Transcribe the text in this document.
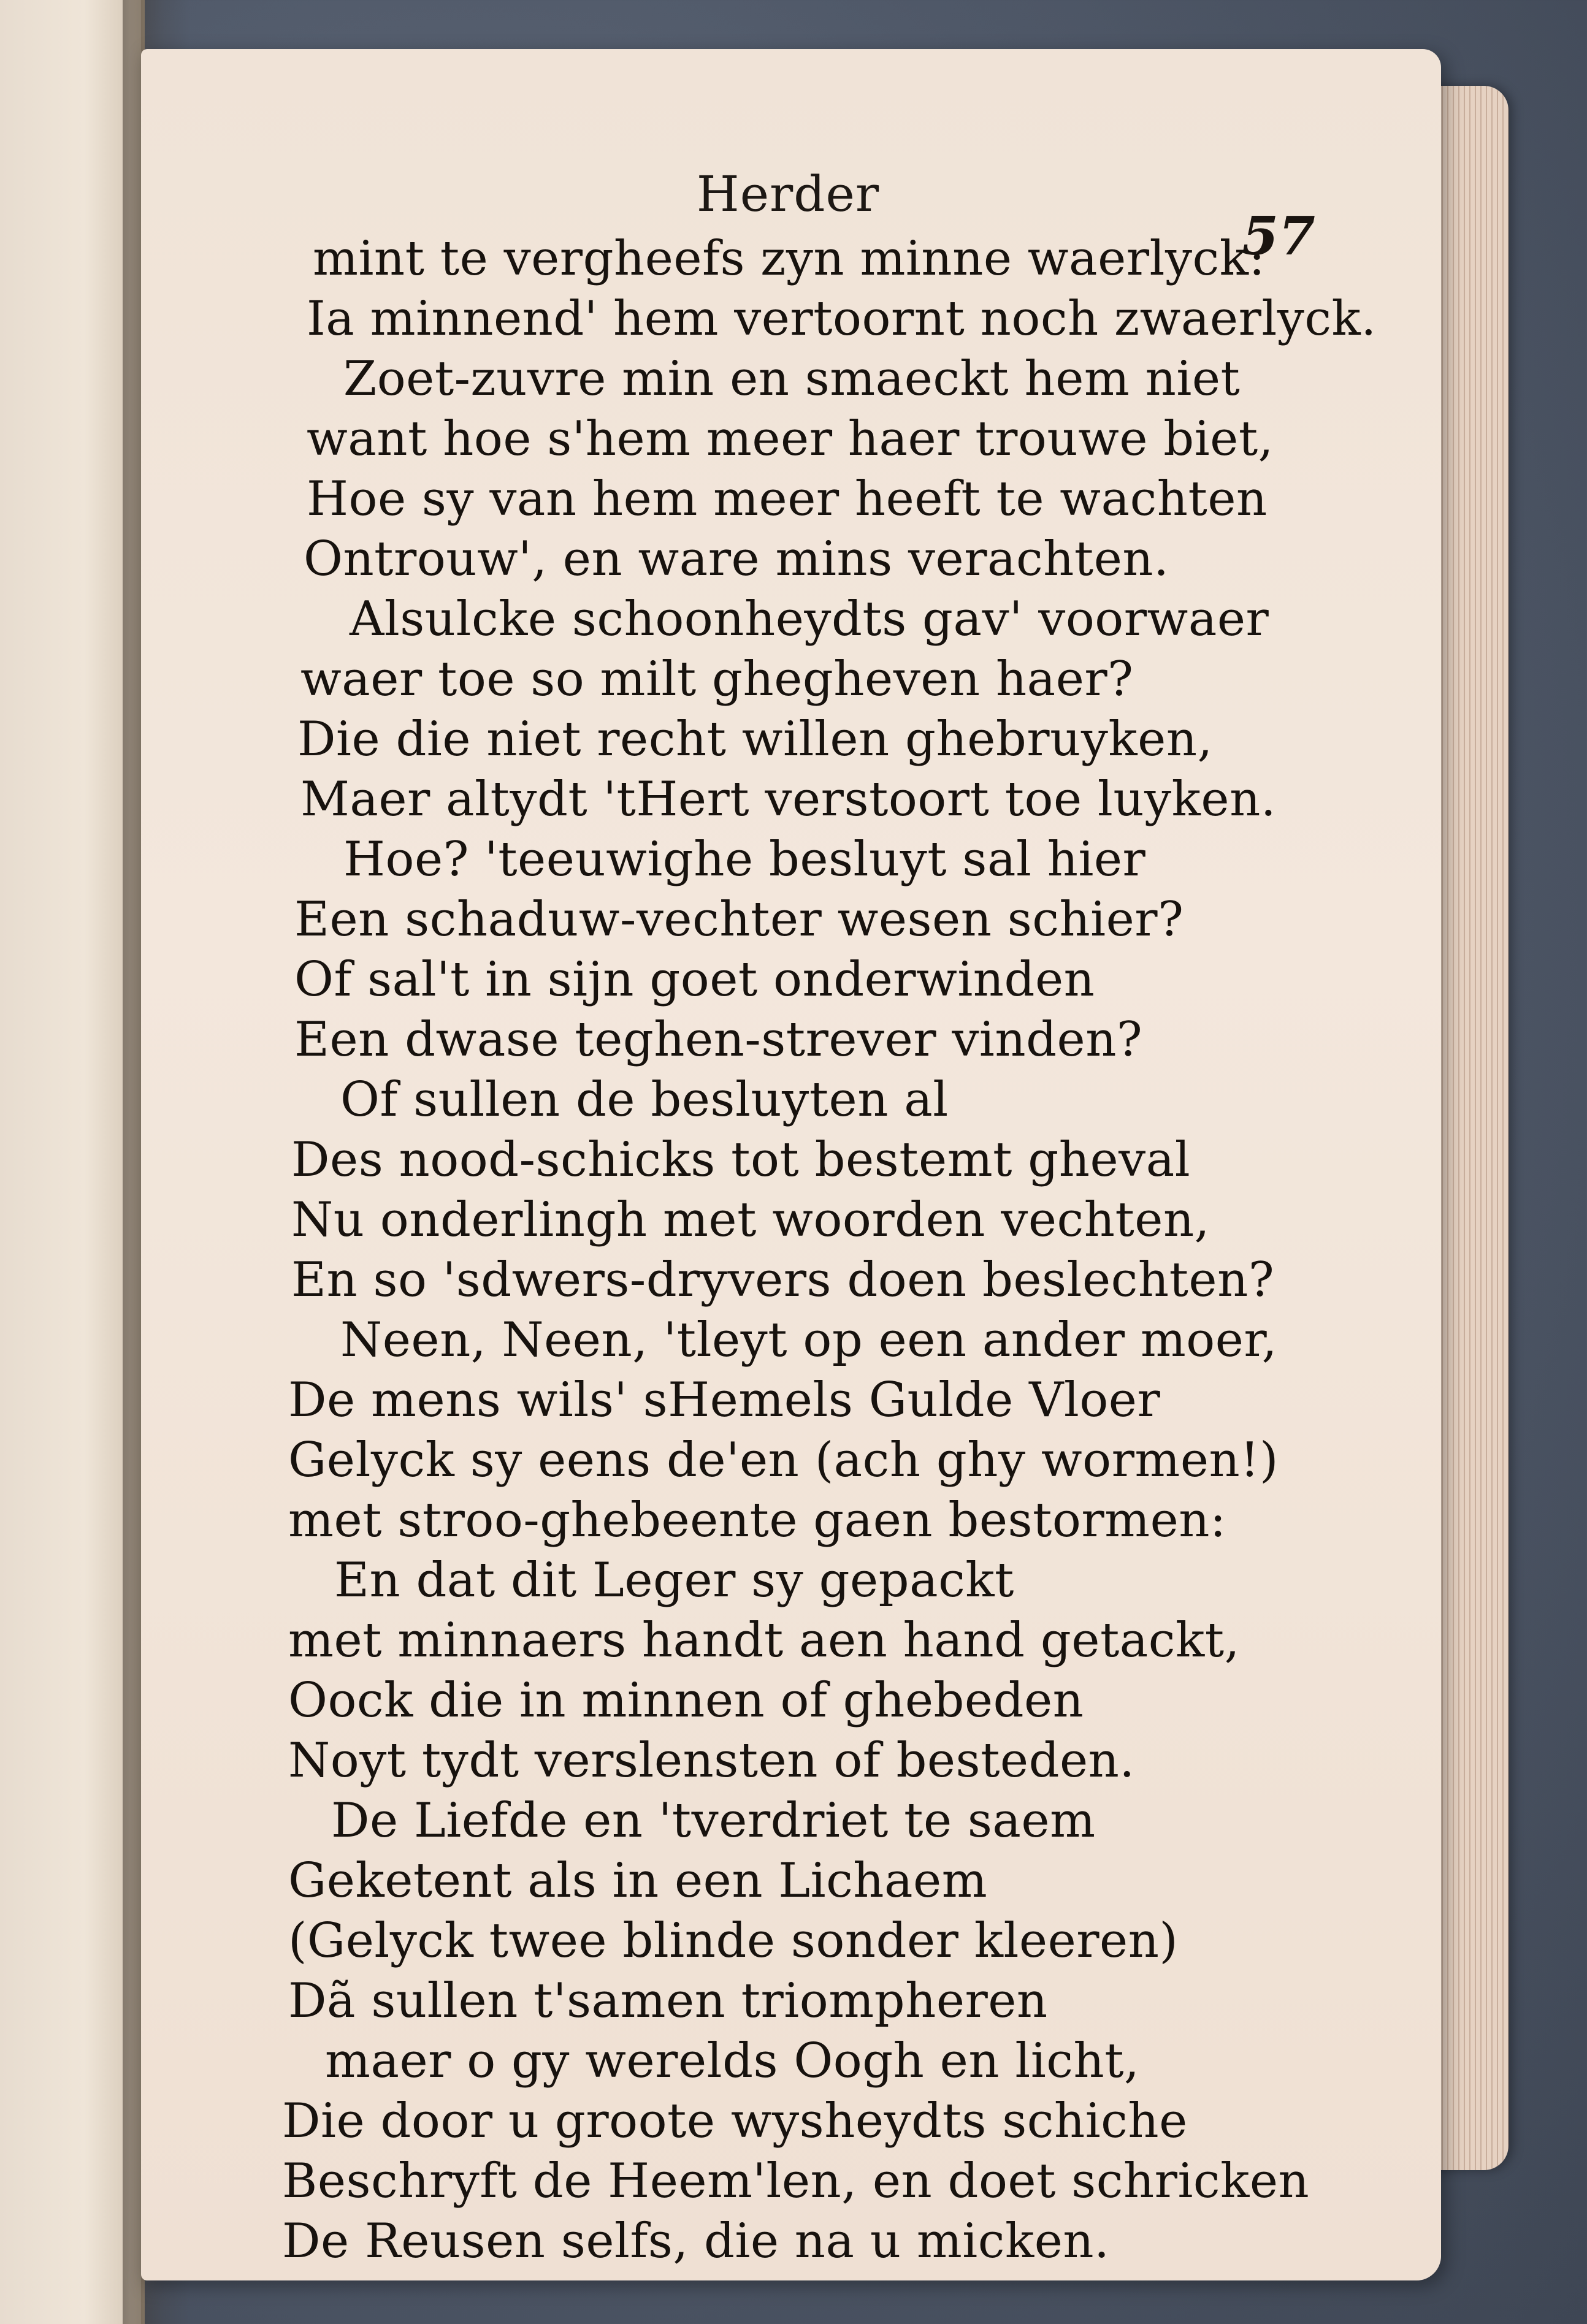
Herder
57
mint te vergheefs zyn minne waerlyck:
Ia minnend' hem vertoornt noch zwaerlyck.
Zoet-zuvre min en smaeckt hem niet
want hoe s'hem meer haer trouwe biet,
Hoe sy van hem meer heeft te wachten
Ontrouw', en ware mins verachten.
Alsulcke schoonheydts gav' voorwaer
waer toe so milt ghegheven haer?
Die die niet recht willen ghebruyken,
Maer altydt 'tHert verstoort toe luyken.
Hoe? 'teeuwighe besluyt sal hier
Een schaduw-vechter wesen schier?
Of sal't in sijn goet onderwinden
Een dwase teghen-strever vinden?
Of sullen de besluyten al
Des nood-schicks tot bestemt gheval
Nu onderlingh met woorden vechten,
En so 'sdwers-dryvers doen beslechten?
Neen, Neen, 'tleyt op een ander moer,
De mens wils' sHemels Gulde Vloer
Gelyck sy eens de'en (ach ghy wormen!)
met stroo-ghebeente gaen bestormen:
En dat dit Leger sy gepackt
met minnaers handt aen hand getackt,
Oock die in minnen of ghebeden
Noyt tydt verslensten of besteden.
De Liefde en 'tverdriet te saem
Geketent als in een Lichaem
(Gelyck twee blinde sonder kleeren)
Dã sullen t'samen triompheren
maer o gy werelds Oogh en licht,
Die door u groote wysheydts schiche
Beschryft de Heem'len, en doet schricken
De Reusen selfs, die na u micken.
